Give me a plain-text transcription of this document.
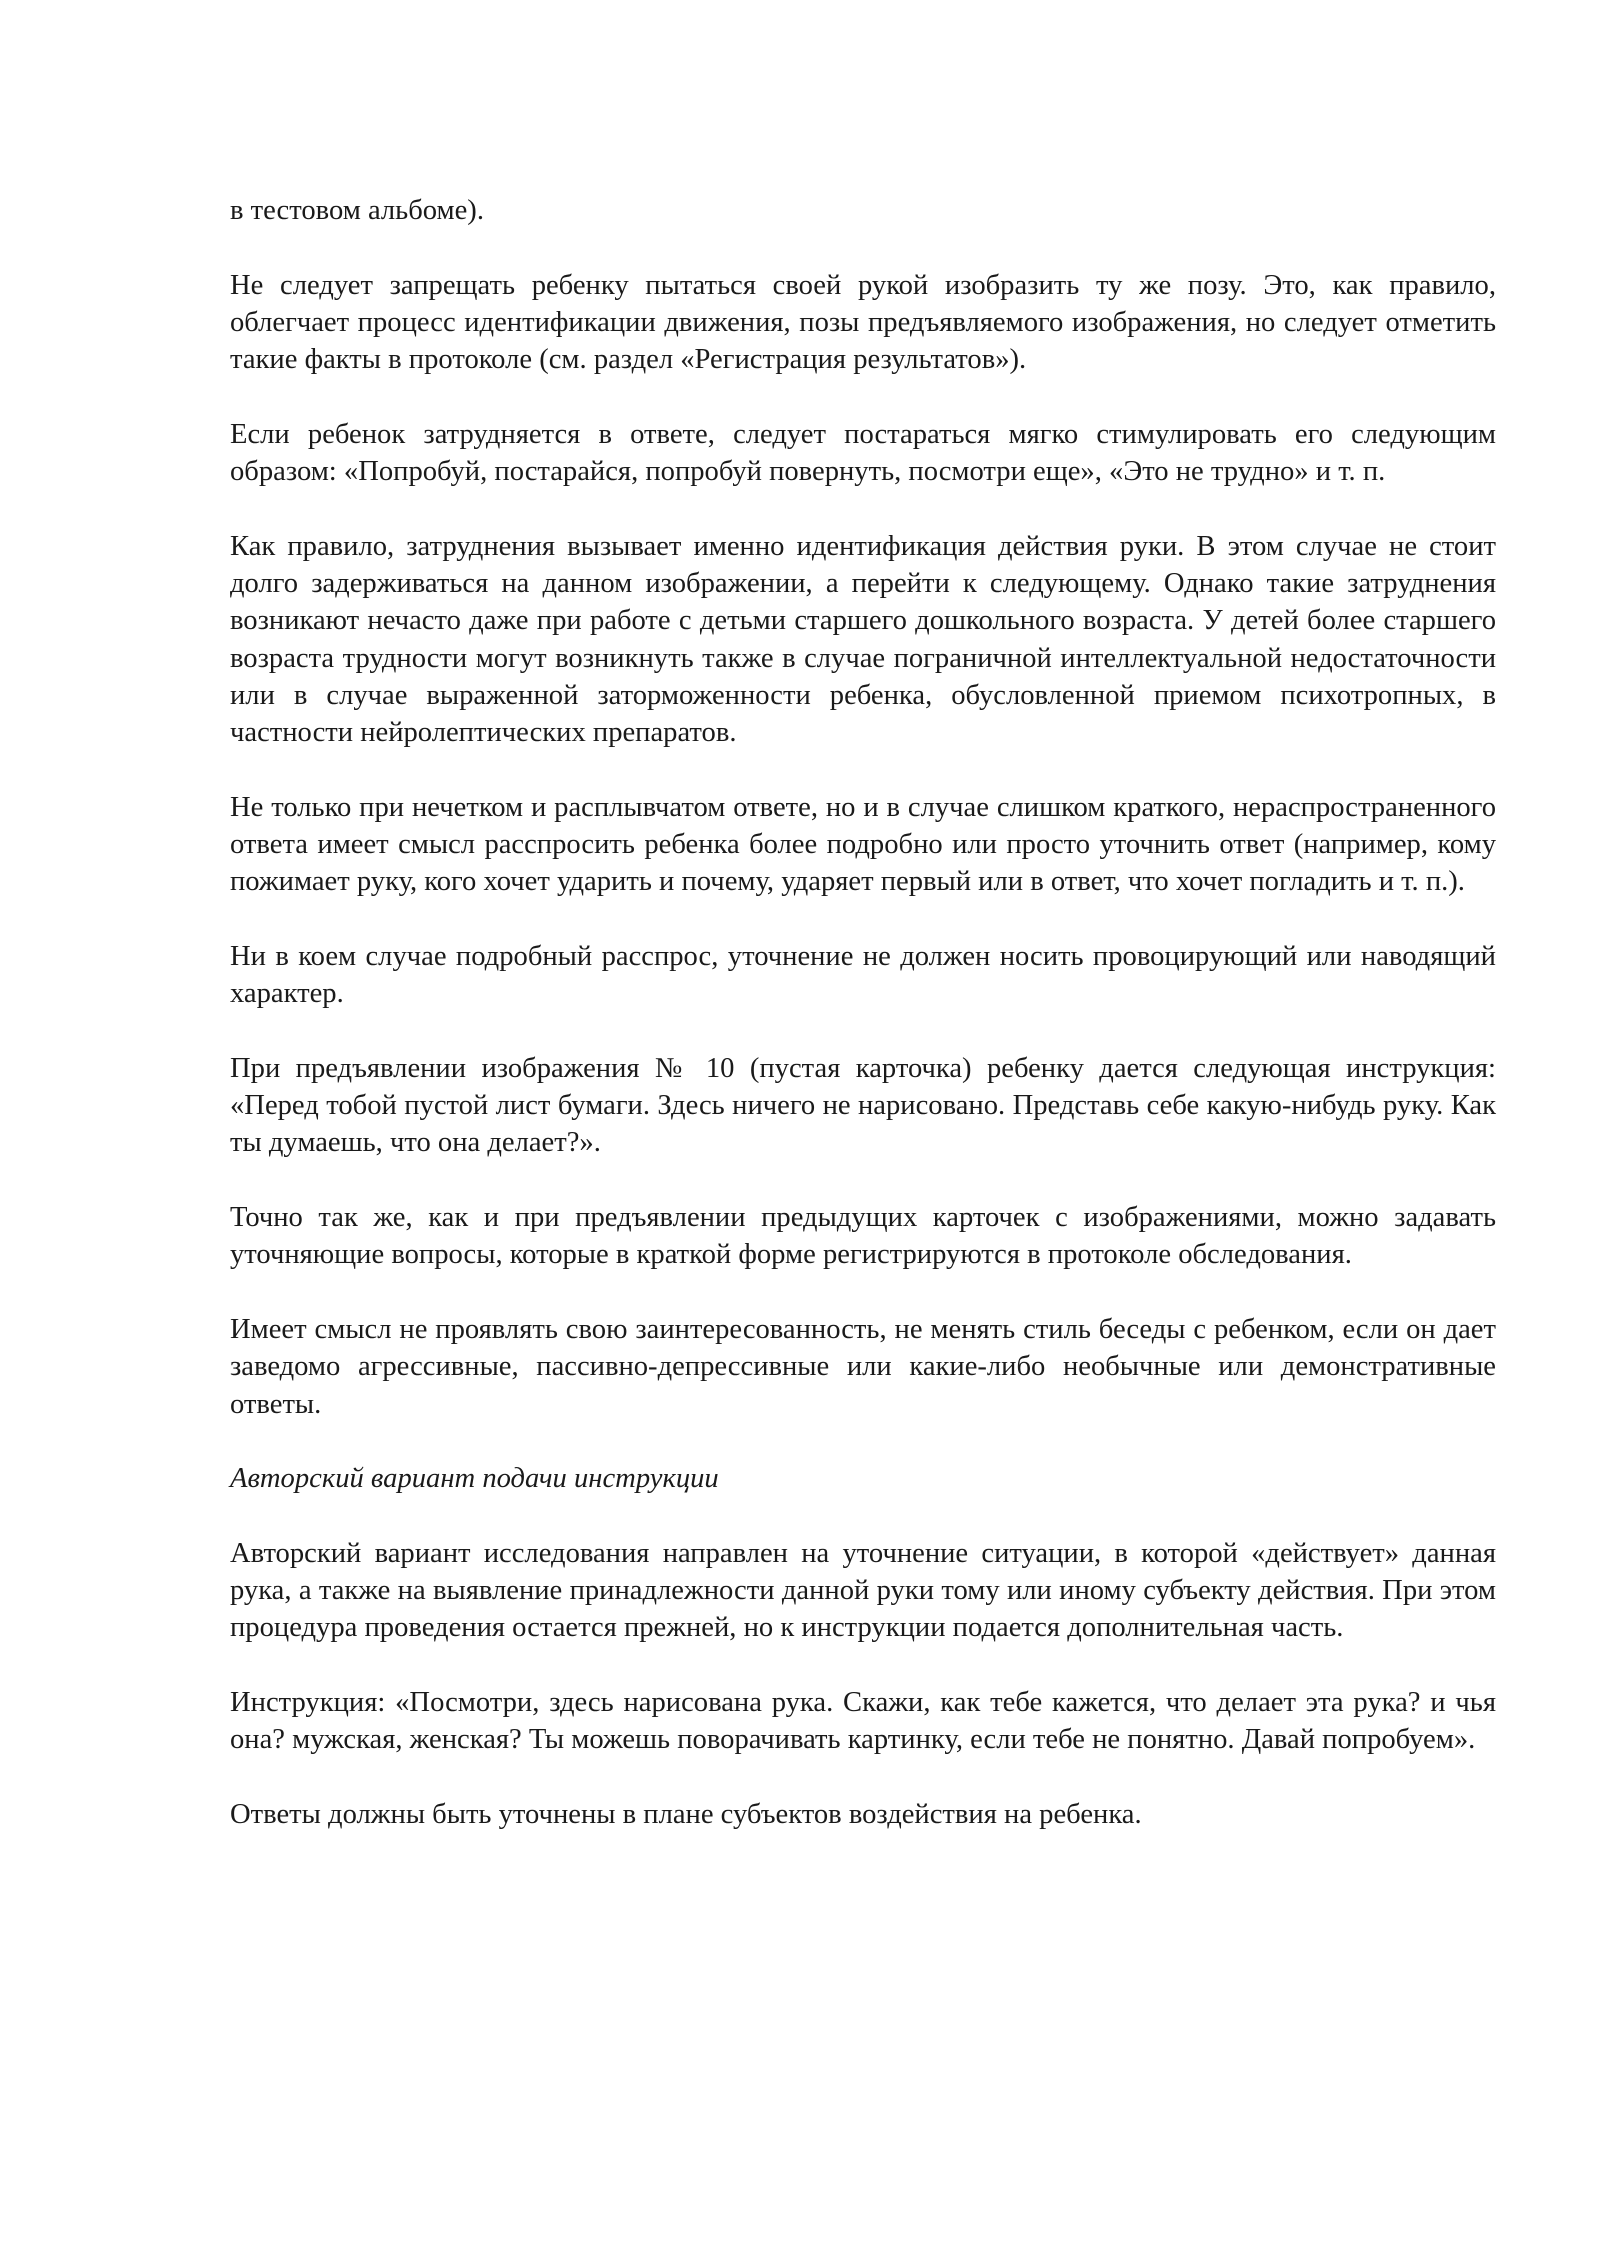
в тестовом альбоме).

Не следует запрещать ребенку пытаться своей рукой изобразить ту же позу. Это, как правило, облегчает процесс идентификации движения, позы предъявляемого изображения, но следует отметить такие факты в протоколе (см. раздел «Регистрация результатов»).

Если ребенок затрудняется в ответе, следует постараться мягко стимулировать его следующим образом: «Попробуй, постарайся, попробуй повернуть, посмотри еще», «Это не трудно» и т. п.

Как правило, затруднения вызывает именно идентификация действия руки. В этом случае не стоит долго задерживаться на данном изображении, а перейти к следующему. Однако такие затруднения возникают нечасто даже при работе с детьми старшего дошкольного возраста. У детей более старшего возраста трудности могут возникнуть также в случае пограничной интеллектуальной недостаточности или в случае выраженной заторможенности ребенка, обусловленной приемом психотропных, в частности нейролептических препаратов.

Не только при нечетком и расплывчатом ответе, но и в случае слишком краткого, нераспространенного ответа имеет смысл расспросить ребенка более подробно или просто уточнить ответ (например, кому пожимает руку, кого хочет ударить и почему, ударяет первый или в ответ, что хочет погладить и т. п.).

Ни в коем случае подробный расспрос, уточнение не должен носить провоцирующий или наводящий характер.

При предъявлении изображения № 10 (пустая карточка) ребенку дается следующая инструкция: «Перед тобой пустой лист бумаги. Здесь ничего не нарисовано. Представь себе какую-нибудь руку. Как ты думаешь, что она делает?».

Точно так же, как и при предъявлении предыдущих карточек с изображениями, можно задавать уточняющие вопросы, которые в краткой форме регистрируются в протоколе обследования.

Имеет смысл не проявлять свою заинтересованность, не менять стиль беседы с ребенком, если он дает заведомо агрессивные, пассивно-депрессивные или какие-либо необычные или демонстративные ответы.

Авторский вариант подачи инструкции

Авторский вариант исследования направлен на уточнение ситуации, в которой «действует» данная рука, а также на выявление принадлежности данной руки тому или иному субъекту действия. При этом процедура проведения остается прежней, но к инструкции подается дополнительная часть.

Инструкция: «Посмотри, здесь нарисована рука. Скажи, как тебе кажется, что делает эта рука? и чья она? мужская, женская? Ты можешь поворачивать картинку, если тебе не понятно. Давай попробуем».

Ответы должны быть уточнены в плане субъектов воздействия на ребенка.
